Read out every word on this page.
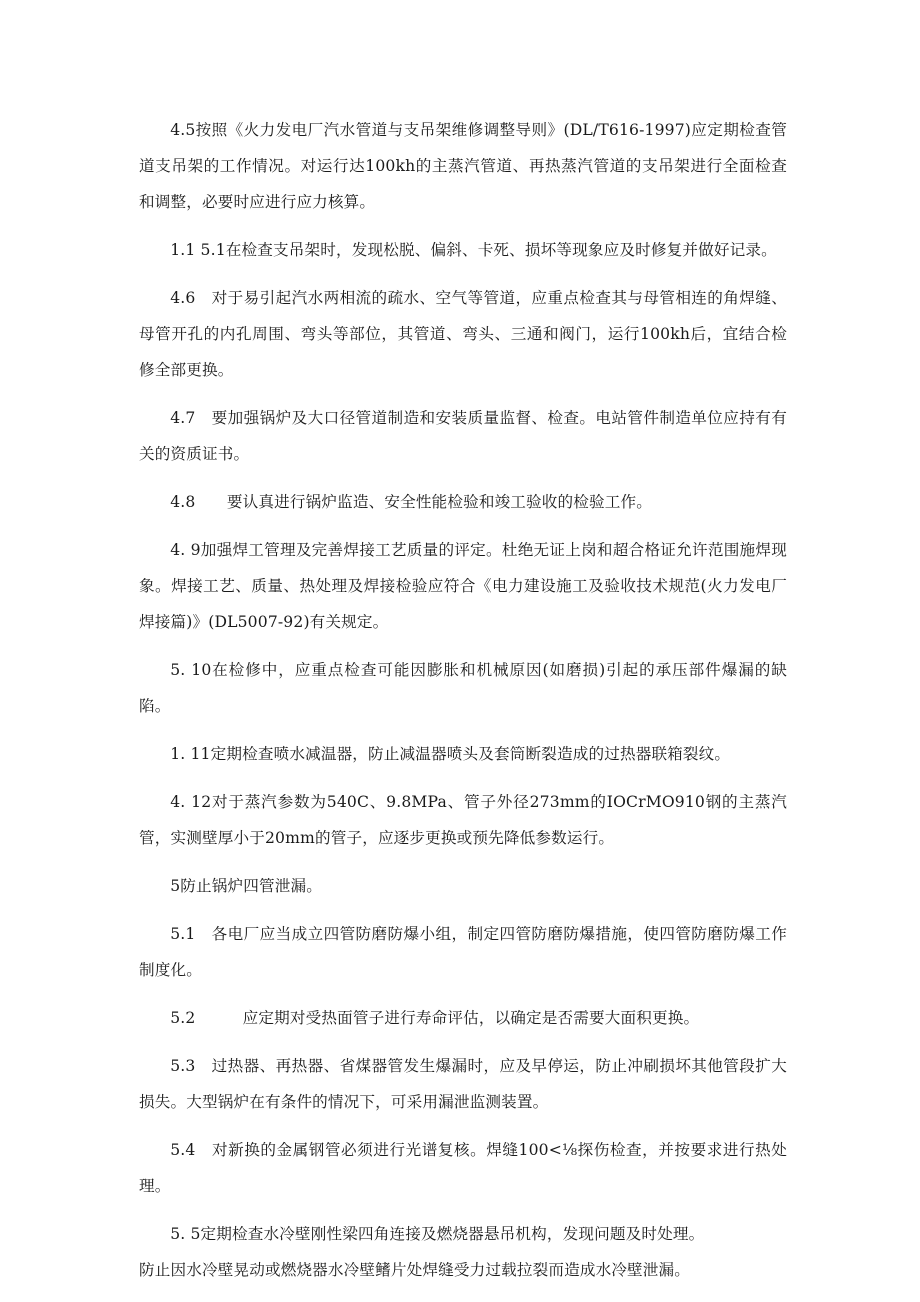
4.5按照《火力发电厂汽水管道与支吊架维修调整导则》(DL/T616-1997)应定期检查管道支吊架的工作情况。对运行达100kh的主蒸汽管道、再热蒸汽管道的支吊架进行全面检查和调整，必要时应进行应力核算。

1.1 5.1在检查支吊架时，发现松脱、偏斜、卡死、损坏等现象应及时修复并做好记录。

4.6　对于易引起汽水两相流的疏水、空气等管道，应重点检查其与母管相连的角焊缝、母管开孔的内孔周围、弯头等部位，其管道、弯头、三通和阀门，运行100kh后，宜结合检修全部更换。

4.7　要加强锅炉及大口径管道制造和安装质量监督、检查。电站管件制造单位应持有有关的资质证书。

4.8　　要认真进行锅炉监造、安全性能检验和竣工验收的检验工作。

4. 9加强焊工管理及完善焊接工艺质量的评定。杜绝无证上岗和超合格证允许范围施焊现象。焊接工艺、质量、热处理及焊接检验应符合《电力建设施工及验收技术规范(火力发电厂焊接篇)》(DL5007-92)有关规定。

5. 10在检修中，应重点检查可能因膨胀和机械原因(如磨损)引起的承压部件爆漏的缺陷。

1. 11定期检查喷水减温器，防止减温器喷头及套筒断裂造成的过热器联箱裂纹。

4. 12对于蒸汽参数为540C、9.8MPa、管子外径273mm的IOCrMO910钢的主蒸汽管，实测壁厚小于20mm的管子，应逐步更换或预先降低参数运行。

5防止锅炉四管泄漏。

5.1　各电厂应当成立四管防磨防爆小组，制定四管防磨防爆措施，使四管防磨防爆工作制度化。

5.2　　　应定期对受热面管子进行寿命评估，以确定是否需要大面积更换。

5.3　过热器、再热器、省煤器管发生爆漏时，应及早停运，防止冲刷损坏其他管段扩大损失。大型锅炉在有条件的情况下，可采用漏泄监测装置。

5.4　对新换的金属钢管必须进行光谱复核。焊缝100<⅛探伤检查，并按要求进行热处理。

5. 5定期检查水冷壁刚性梁四角连接及燃烧器悬吊机构，发现问题及时处理。

防止因水冷壁晃动或燃烧器水冷壁鳍片处焊缝受力过载拉裂而造成水冷壁泄漏。
